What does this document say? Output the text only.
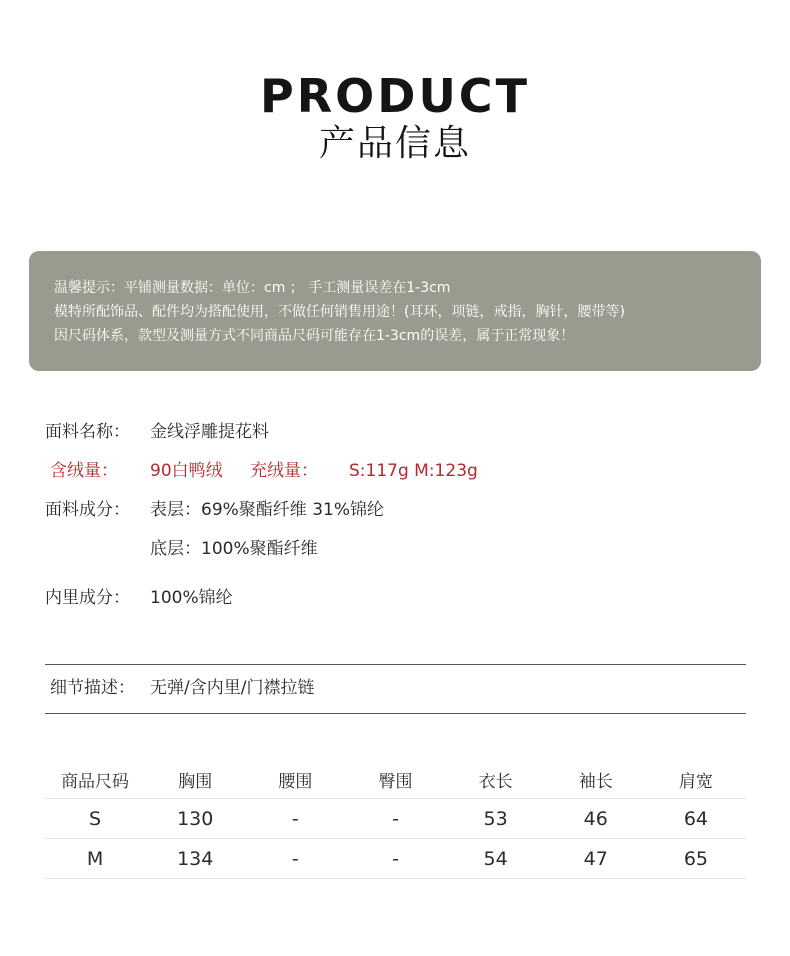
PRODUCT
产品信息
温馨提示：平铺测量数据：单位：cm ； 手工测量误差在1-3cm
模特所配饰品、配件均为搭配使用，不做任何销售用途！(耳环，项链，戒指，胸针，腰带等)
因尺码体系，款型及测量方式不同商品尺码可能存在1-3cm的误差，属于正常现象！
面料名称： 金线浮雕提花料
含绒量： 90白鸭绒 充绒量： S:117g M:123g
面料成分： 表层：69%聚酯纤维 31%锦纶
底层：100%聚酯纤维
内里成分： 100%锦纶
细节描述： 无弹/含内里/门襟拉链
商品尺码	胸围	腰围	臀围	衣长	袖长	肩宽
S	130	-	-	53	46	64
M	134	-	-	54	47	65
